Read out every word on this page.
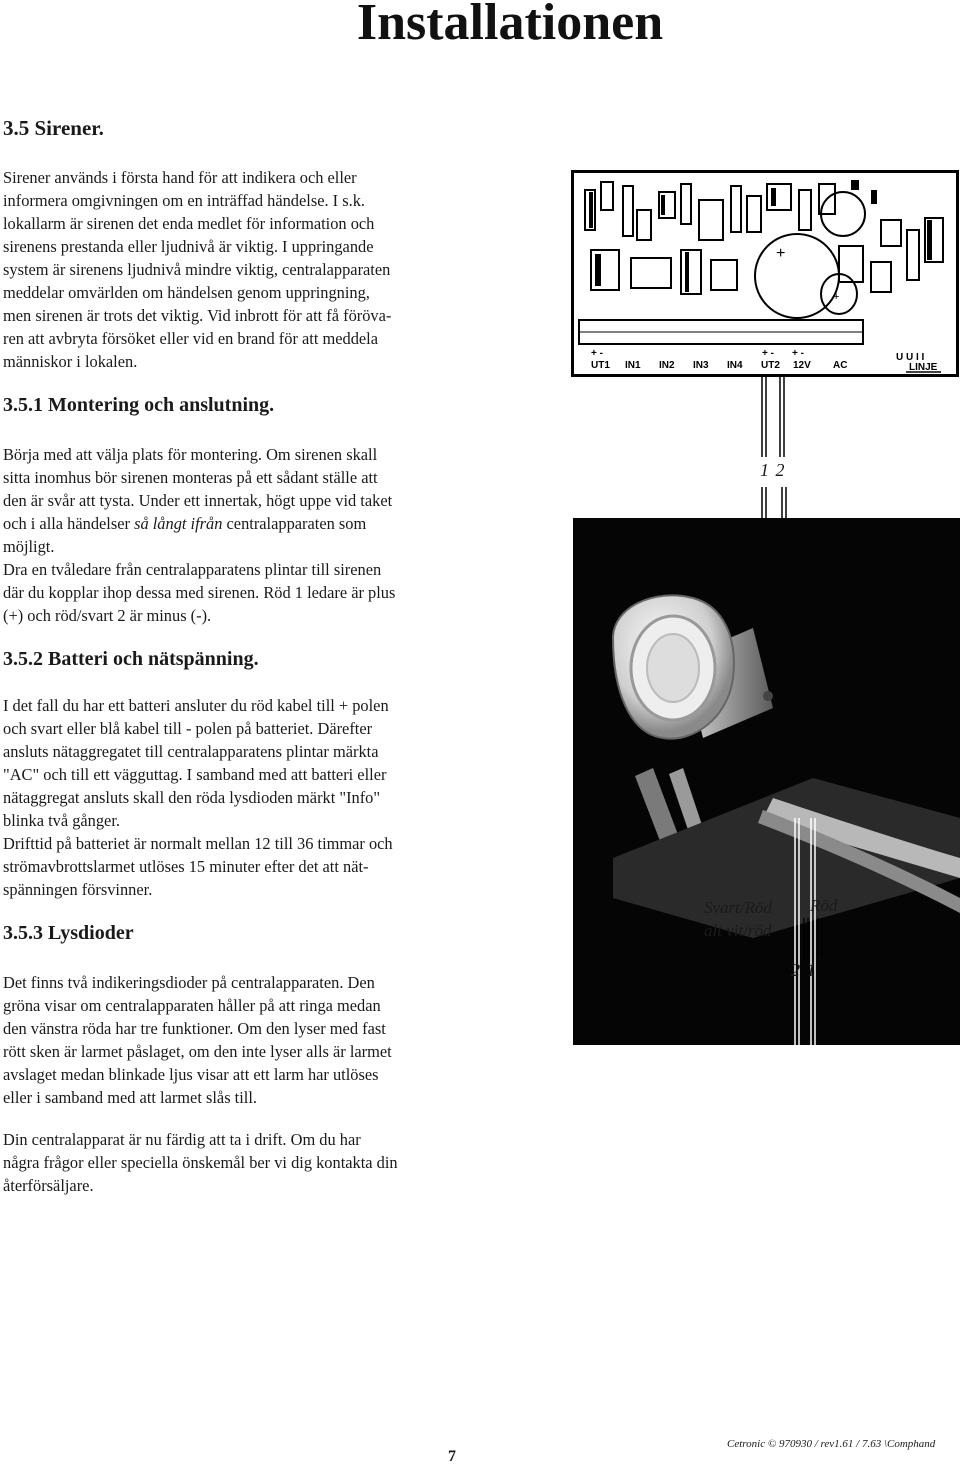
Installationen
3.5 Sirener.

Sirener används i första hand för att indikera och eller
informera omgivningen om en inträffad händelse. I s.k.
lokallarm är sirenen det enda medlet för information och
sirenens prestanda eller ljudnivå är viktig. I uppringande
system är sirenens ljudnivå mindre viktig, centralapparaten
meddelar omvärlden om händelsen genom uppringning,
men sirenen är trots det viktig. Vid inbrott för att få förövа-
ren att avbryta försöket eller vid en brand för att meddela
människor i lokalen.

3.5.1 Montering och anslutning.

Börja med att välja plats för montering. Om sirenen skall
sitta inomhus bör sirenen monteras på ett sådant ställe att
den är svår att tysta. Under ett innertak, högt uppe vid taket
och i alla händelser så långt ifrån centralapparaten som
möjligt.
Dra en tvåledare från centralapparatens plintar till sirenen
där du kopplar ihop dessa med sirenen. Röd 1 ledare är plus
(+) och röd/svart 2 är minus (-).

3.5.2 Batteri och nätspänning.

I det fall du har ett batteri ansluter du röd kabel till + polen
och svart eller blå kabel till - polen på batteriet. Därefter
ansluts nätaggregatet till centralapparatens plintar märkta
"AC" och till ett vägguttag. I samband med att batteri eller
nätaggregat ansluts skall den röda lysdioden märkt "Info"
blinka två gånger.
Drifttid på batteriet är normalt mellan 12 till 36 timmar och
strömavbrottslarmet utlöses 15 minuter efter det att nät-
spänningen försvinner.

3.5.3 Lysdioder

Det finns två indikeringsdioder på centralapparaten. Den
gröna visar om centralapparaten håller på att ringa medan
den vänstra röda har tre funktioner. Om den lyser med fast
rött sken är larmet påslaget, om den inte lyser alls är larmet
avslaget medan blinkade ljus visar att ett larm har utlöses
eller i samband med att larmet slås till.

Din centralapparat är nu färdig att ta i drift. Om du har
några frågor eller speciella önskemål ber vi dig kontakta din
återförsäljare.

+
+
UT1 IN1 IN2 IN3 IN4 UT2 12V AC
+ -	+ - + -	U U I I
LINJE
1 2
Svart/Röd
alt vit/röd
Röd
2 1
7
Cetronic © 970930 / rev1.61 / 7.63 \Comphand
